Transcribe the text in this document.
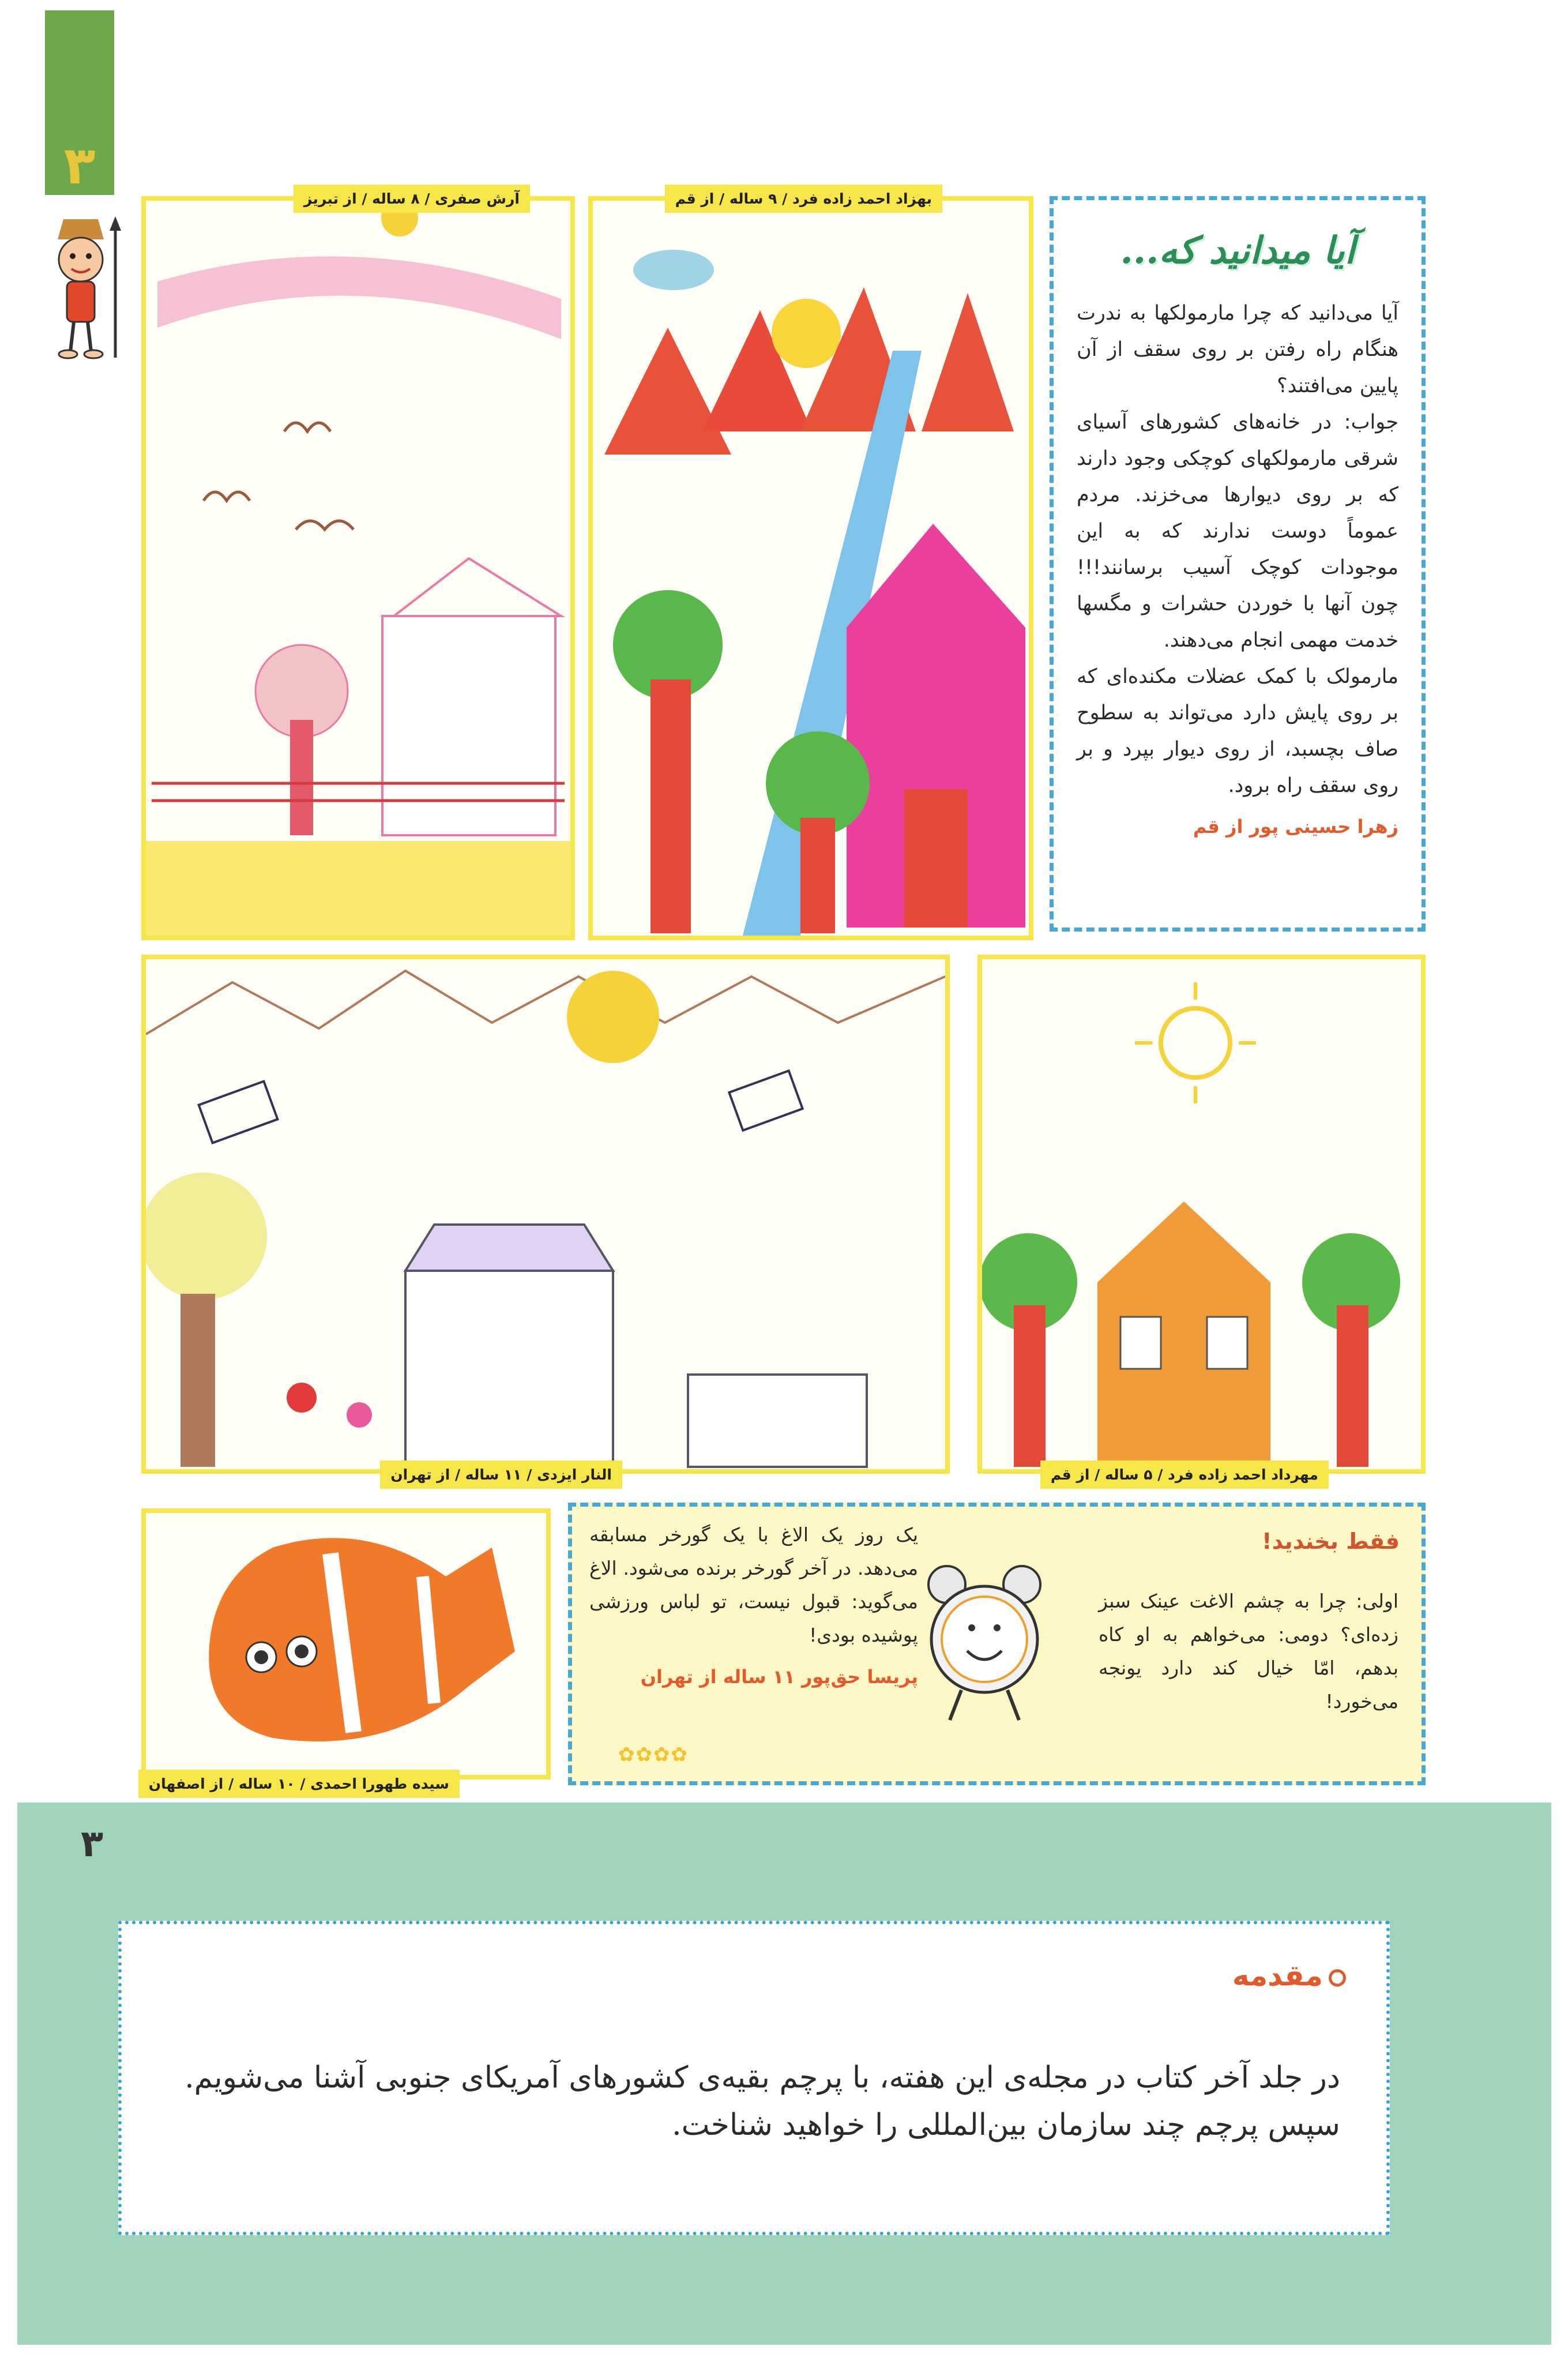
۳
آرش صفری / ۸ ساله / از تبریز	بهزاد احمد زاده فرد / ۹ ساله / از قم
آیا میدانید که...

آیا می‌دانید که چرا مارمولکها به ندرت هنگام راه رفتن بر روی سقف از آن پایین می‌افتند؟

جواب: در خانه‌های کشورهای آسیای شرقی مارمولکهای کوچکی وجود دارند که بر روی دیوارها می‌خزند. مردم عموماً دوست ندارند که به این موجودات کوچک آسیب برسانند!!! چون آنها با خوردن حشرات و مگسها خدمت مهمی انجام می‌دهند.

مارمولک با کمک عضلات مکنده‌ای که بر روی پایش دارد می‌تواند به سطوح صاف بچسبد، از روی دیوار بپرد و بر روی سقف راه برود.

زهرا حسینی پور از قم
النار ایزدی / ۱۱ ساله / از تهران	مهرداد احمد زاده فرد / ۵ ساله / از قم
سیده طهورا احمدی / ۱۰ ساله / از اصفهان
فقط بخندید!
اولی: چرا به چشم الاغت عینک سبز زده‌ای؟ دومی: می‌خواهم به او کاه بدهم، امّا خیال کند دارد یونجه می‌خورد!
یک روز یک الاغ با یک گورخر مسابقه می‌دهد. در آخر گورخر برنده می‌شود. الاغ می‌گوید: قبول نیست، تو لباس ورزشی پوشیده بودی!
پریسا حق‌پور ۱۱ ساله از تهران
✿✿✿✿
۳
مقدمه
در جلد آخر کتاب در مجله‌ی این هفته، با پرچم بقیه‌ی کشورهای آمریکای جنوبی آشنا می‌شویم. سپس پرچم چند سازمان بین‌المللی را خواهید شناخت.
